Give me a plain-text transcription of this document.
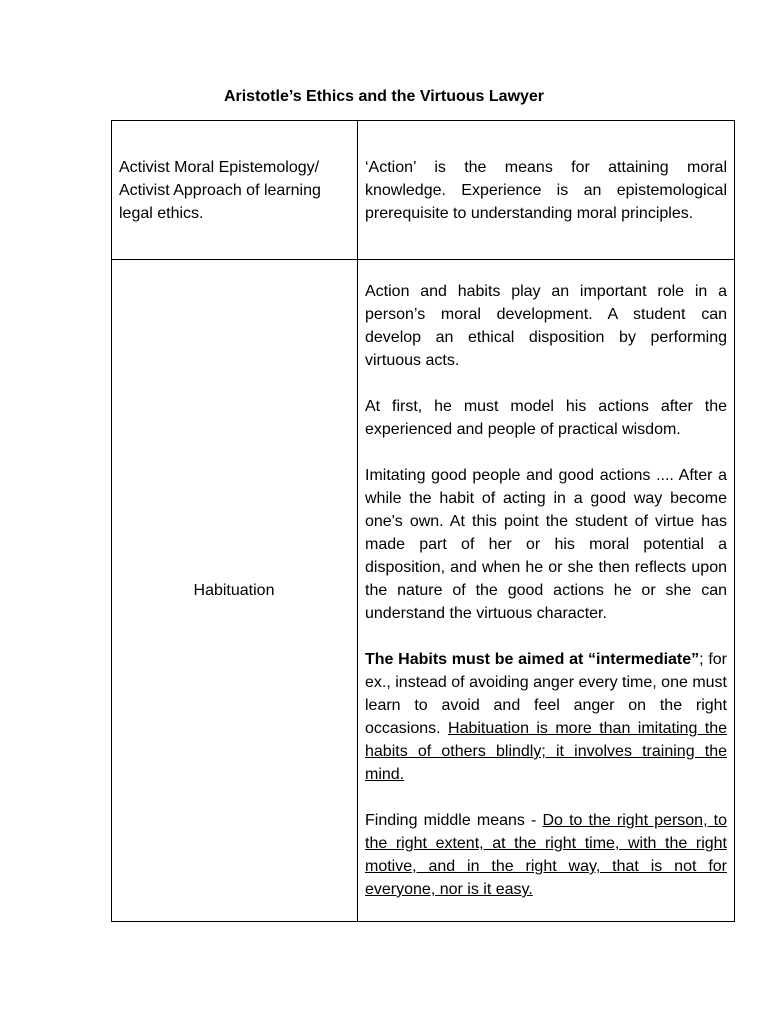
Aristotle’s Ethics and the Virtuous Lawyer
Activist Moral Epistemology/ Activist Approach of learning legal ethics.	‘Action’ is the means for attaining moral knowledge. Experience is an epistemological prerequisite to understanding moral principles.

Habituation	Action and habits play an important role in a person’s moral development. A student can develop an ethical disposition by performing virtuous acts.

At first, he must model his actions after the experienced and people of practical wisdom.

Imitating good people and good actions .... After a while the habit of acting in a good way become one's own. At this point the student of virtue has made part of her or his moral potential a disposition, and when he or she then reflects upon the nature of the good actions he or she can understand the virtuous character.

The Habits must be aimed at “intermediate”; for ex., instead of avoiding anger every time, one must learn to avoid and feel anger on the right occasions. Habituation is more than imitating the habits of others blindly; it involves training the mind.

Finding middle means - Do to the right person, to the right extent, at the right time, with the right motive, and in the right way, that is not for everyone, nor is it easy.
